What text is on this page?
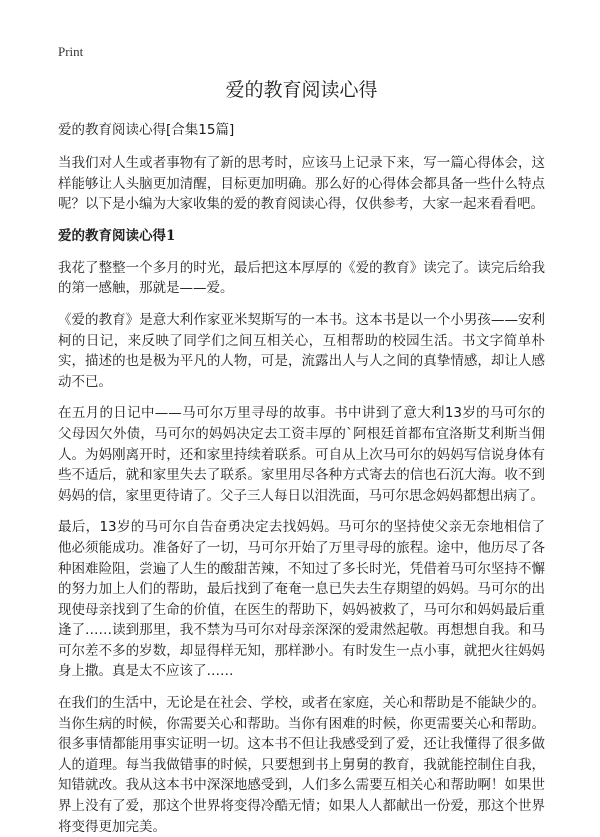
Print
爱的教育阅读心得
爱的教育阅读心得[合集15篇]

当我们对人生或者事物有了新的思考时，应该马上记录下来，写一篇心得体会，这样能够让人头脑更加清醒，目标更加明确。那么好的心得体会都具备一些什么特点呢？以下是小编为大家收集的爱的教育阅读心得，仅供参考，大家一起来看看吧。

爱的教育阅读心得1

我花了整整一个多月的时光，最后把这本厚厚的《爱的教育》读完了。读完后给我的第一感触，那就是——爱。

《爱的教育》是意大利作家亚米契斯写的一本书。这本书是以一个小男孩——安利柯的日记，来反映了同学们之间互相关心，互相帮助的校园生活。书文字简单朴实，描述的也是极为平凡的人物，可是，流露出人与人之间的真挚情感，却让人感动不已。

在五月的日记中——马可尔万里寻母的故事。书中讲到了意大利13岁的马可尔的父母因欠外债，马可尔的妈妈决定去工资丰厚的`阿根廷首都布宜洛斯艾利斯当佣人。为妈刚离开时，还和家里持续着联系。可自从上次马可尔的妈妈写信说身体有些不适后，就和家里失去了联系。家里用尽各种方式寄去的信也石沉大海。收不到妈妈的信，家里更待请了。父子三人每日以泪洗面，马可尔思念妈妈都想出病了。

最后，13岁的马可尔自告奋勇决定去找妈妈。马可尔的坚持使父亲无奈地相信了他必须能成功。准备好了一切，马可尔开始了万里寻母的旅程。途中，他历尽了各种困难险阻，尝遍了人生的酸甜苦辣，不知过了多长时光，凭借着马可尔坚持不懈的努力加上人们的帮助，最后找到了奄奄一息已失去生存期望的妈妈。马可尔的出现使母亲找到了生命的价值，在医生的帮助下，妈妈被救了，马可尔和妈妈最后重逢了……读到那里，我不禁为马可尔对母亲深深的爱肃然起敬。再想想自我。和马可尔差不多的岁数，却显得样无知，那样渺小。有时发生一点小事，就把火往妈妈身上撒。真是太不应该了……

在我们的生活中，无论是在社会、学校，或者在家庭，关心和帮助是不能缺少的。当你生病的时候，你需要关心和帮助。当你有困难的时候，你更需要关心和帮助。很多事情都能用事实证明一切。这本书不但让我感受到了爱，还让我懂得了很多做人的道理。每当我做错事的时候，只要想到书上舅舅的教育，我就能控制住自我，知错就改。我从这本书中深深地感受到，人们多么需要互相关心和帮助啊！如果世界上没有了爱，那这个世界将变得冷酷无情；如果人人都献出一份爱，那这个世界将变得更加完美。
